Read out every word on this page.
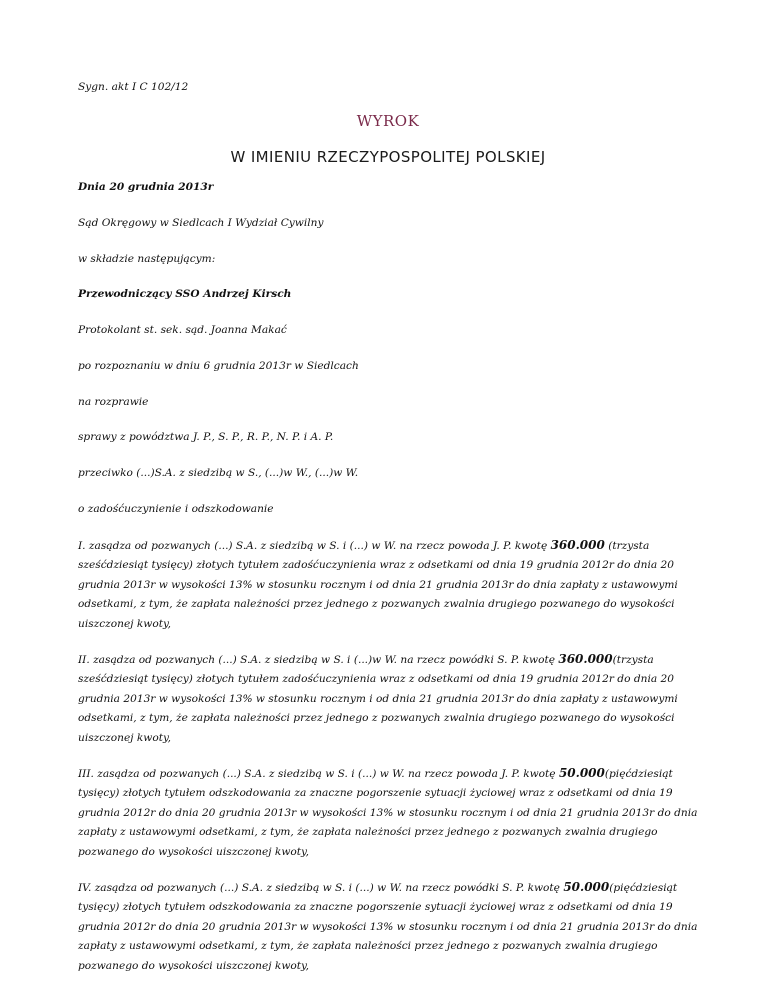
Sygn. akt I C 102/12

WYROK

W IMIENIU RZECZYPOSPOLITEJ POLSKIEJ

Dnia 20 grudnia 2013r

Sąd Okręgowy w Siedlcach I Wydział Cywilny

w składzie następującym:

Przewodniczący SSO Andrzej Kirsch

Protokolant st. sek. sąd. Joanna Makać

po rozpoznaniu w dniu 6 grudnia 2013r w Siedlcach

na rozprawie

sprawy z powództwa J. P., S. P., R. P., N. P. i A. P.

przeciwko (...)S.A. z siedzibą w S., (...)w W., (...)w W.

o zadośćuczynienie i odszkodowanie

I. zasądza od pozwanych (...) S.A. z siedzibą w S. i (...) w W. na rzecz powoda J. P. kwotę 360.000 (trzysta sześćdziesiąt tysięcy) złotych tytułem zadośćuczynienia wraz z odsetkami od dnia 19 grudnia 2012r do dnia 20 grudnia 2013r w wysokości 13% w stosunku rocznym i od dnia 21 grudnia 2013r do dnia zapłaty z ustawowymi odsetkami, z tym, że zapłata należności przez jednego z pozwanych zwalnia drugiego pozwanego do wysokości uiszczonej kwoty,

II. zasądza od pozwanych (...) S.A. z siedzibą w S. i (...)w W. na rzecz powódki S. P. kwotę 360.000(trzysta sześćdziesiąt tysięcy) złotych tytułem zadośćuczynienia wraz z odsetkami od dnia 19 grudnia 2012r do dnia 20 grudnia 2013r w wysokości 13% w stosunku rocznym i od dnia 21 grudnia 2013r do dnia zapłaty z ustawowymi odsetkami, z tym, że zapłata należności przez jednego z pozwanych zwalnia drugiego pozwanego do wysokości uiszczonej kwoty,

III. zasądza od pozwanych (...) S.A. z siedzibą w S. i (...) w W. na rzecz powoda J. P. kwotę 50.000(pięćdziesiąt tysięcy) złotych tytułem odszkodowania za znaczne pogorszenie sytuacji życiowej wraz z odsetkami od dnia 19 grudnia 2012r do dnia 20 grudnia 2013r w wysokości 13% w stosunku rocznym i od dnia 21 grudnia 2013r do dnia zapłaty z ustawowymi odsetkami, z tym, że zapłata należności przez jednego z pozwanych zwalnia drugiego pozwanego do wysokości uiszczonej kwoty,

IV. zasądza od pozwanych (...) S.A. z siedzibą w S. i (...) w W. na rzecz powódki S. P. kwotę 50.000(pięćdziesiąt tysięcy) złotych tytułem odszkodowania za znaczne pogorszenie sytuacji życiowej wraz z odsetkami od dnia 19 grudnia 2012r do dnia 20 grudnia 2013r w wysokości 13% w stosunku rocznym i od dnia 21 grudnia 2013r do dnia zapłaty z ustawowymi odsetkami, z tym, że zapłata należności przez jednego z pozwanych zwalnia drugiego pozwanego do wysokości uiszczonej kwoty,
